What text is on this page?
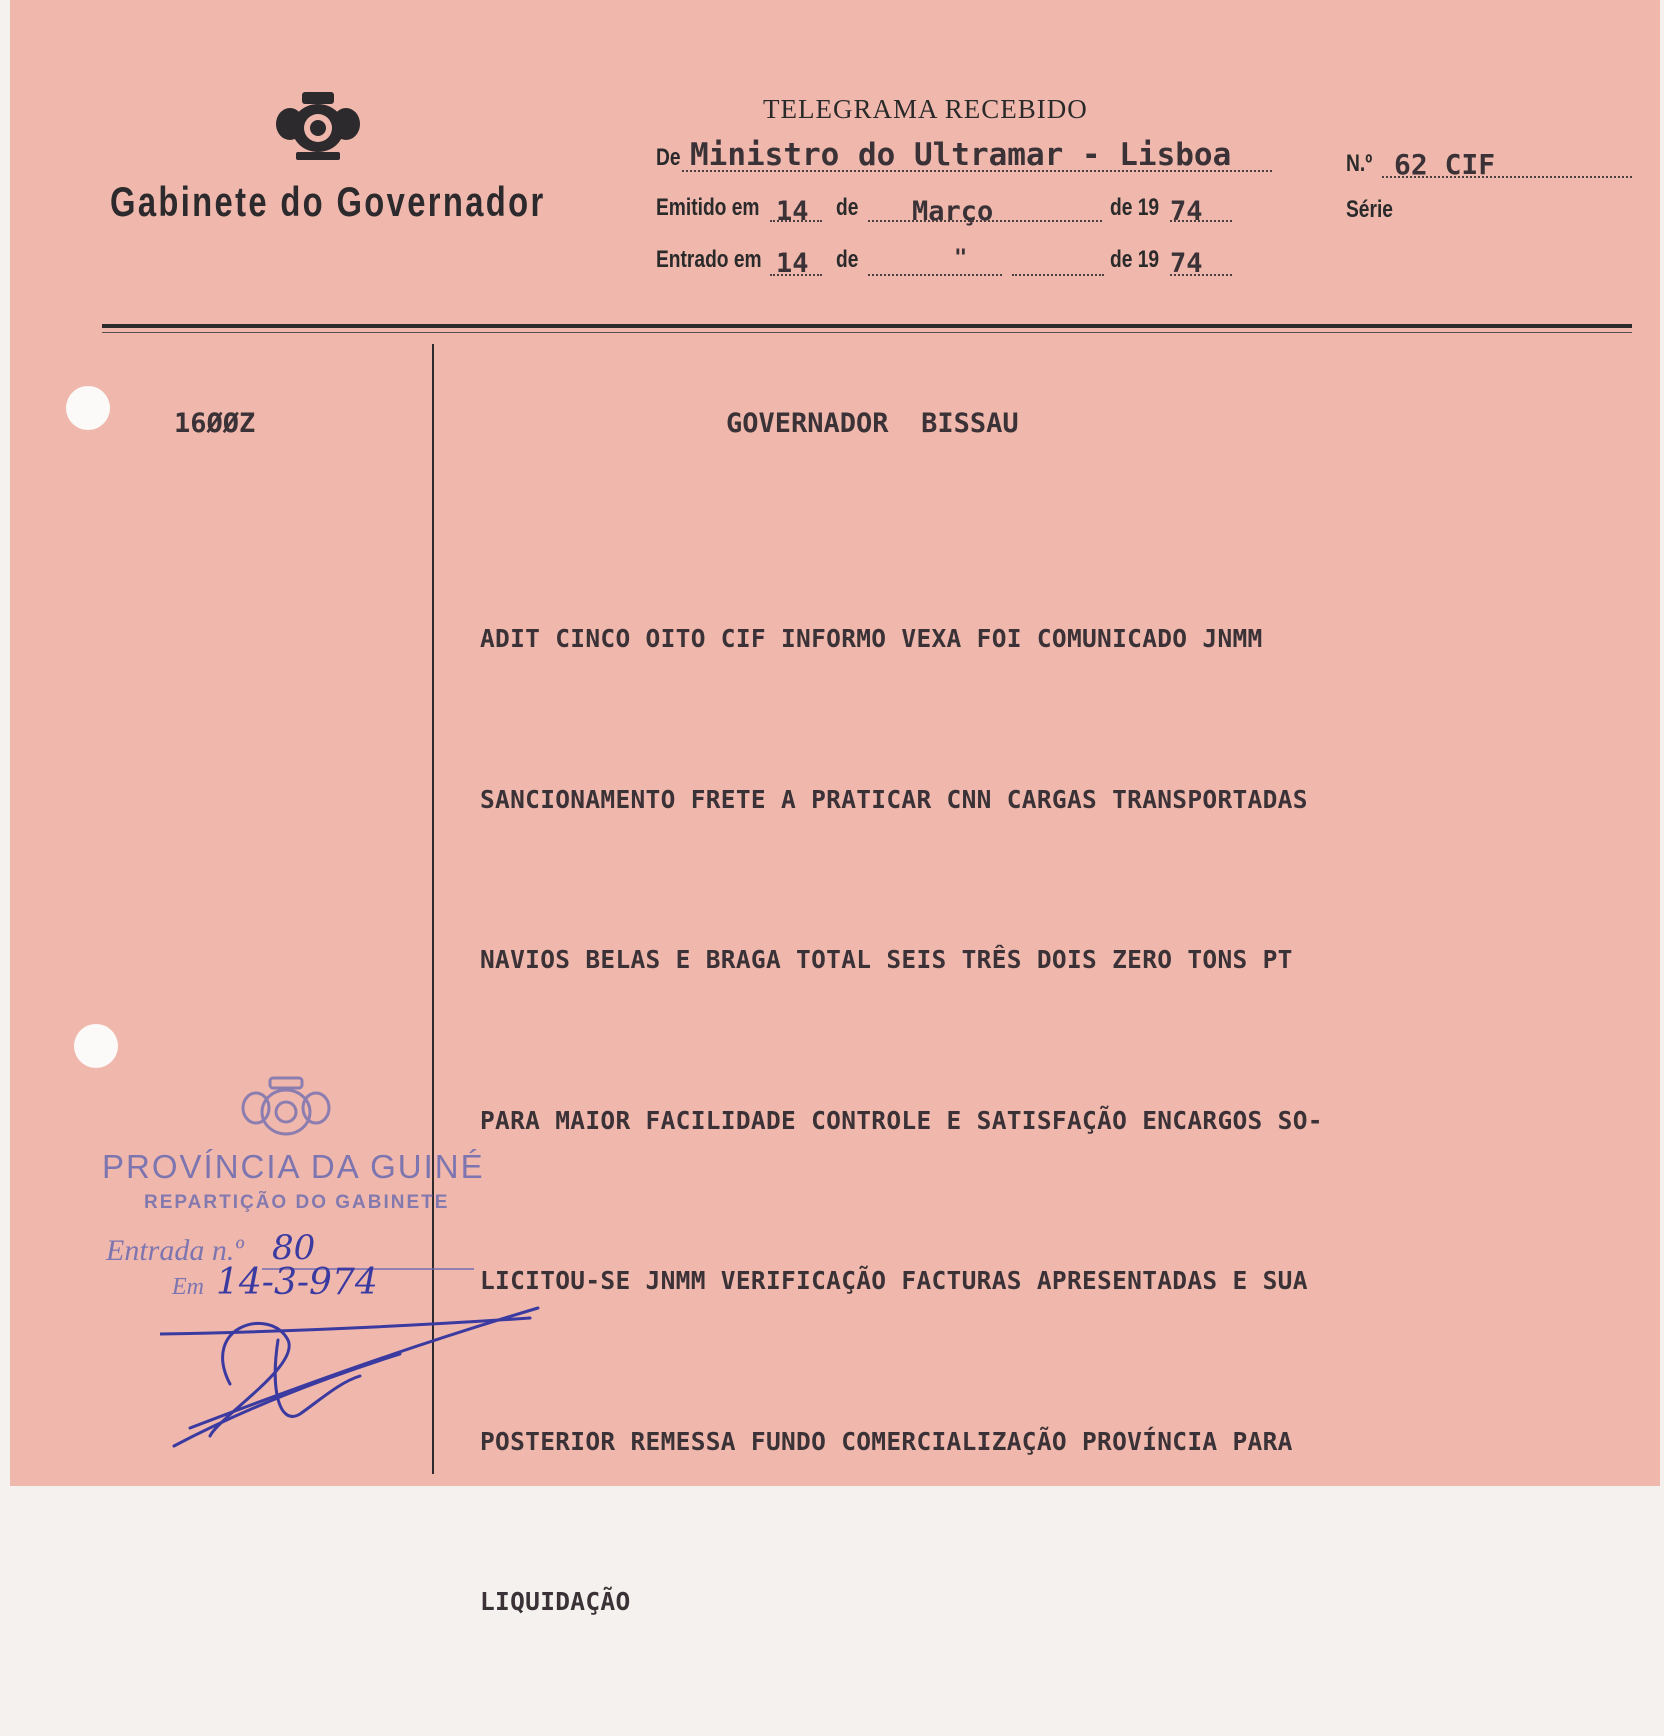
Gabinete do Governador
TELEGRAMA RECEBIDO
De Ministro do Ultramar - Lisboa	N.º 62 CIF
Emitido em 14 de Março	de 19 74	Série
Entrado em 14 de	"	de 19 74
16ØØZ	GOVERNADOR  BISSAU

ADIT CINCO OITO CIF INFORMO VEXA FOI COMUNICADO JNMM

SANCIONAMENTO FRETE A PRATICAR CNN CARGAS TRANSPORTADAS

NAVIOS BELAS E BRAGA TOTAL SEIS TRÊS DOIS ZERO TONS PT

PARA MAIOR FACILIDADE CONTROLE E SATISFAÇÃO ENCARGOS SO-

LICITOU-SE JNMM VERIFICAÇÃO FACTURAS APRESENTADAS E SUA

POSTERIOR REMESSA FUNDO COMERCIALIZAÇÃO PROVÍNCIA PARA

LIQUIDAÇÃO

PROVÍNCIA DA GUINÉ
REPARTIÇÃO DO GABINETE
Entrada n.º 80
Em 14-3-974
